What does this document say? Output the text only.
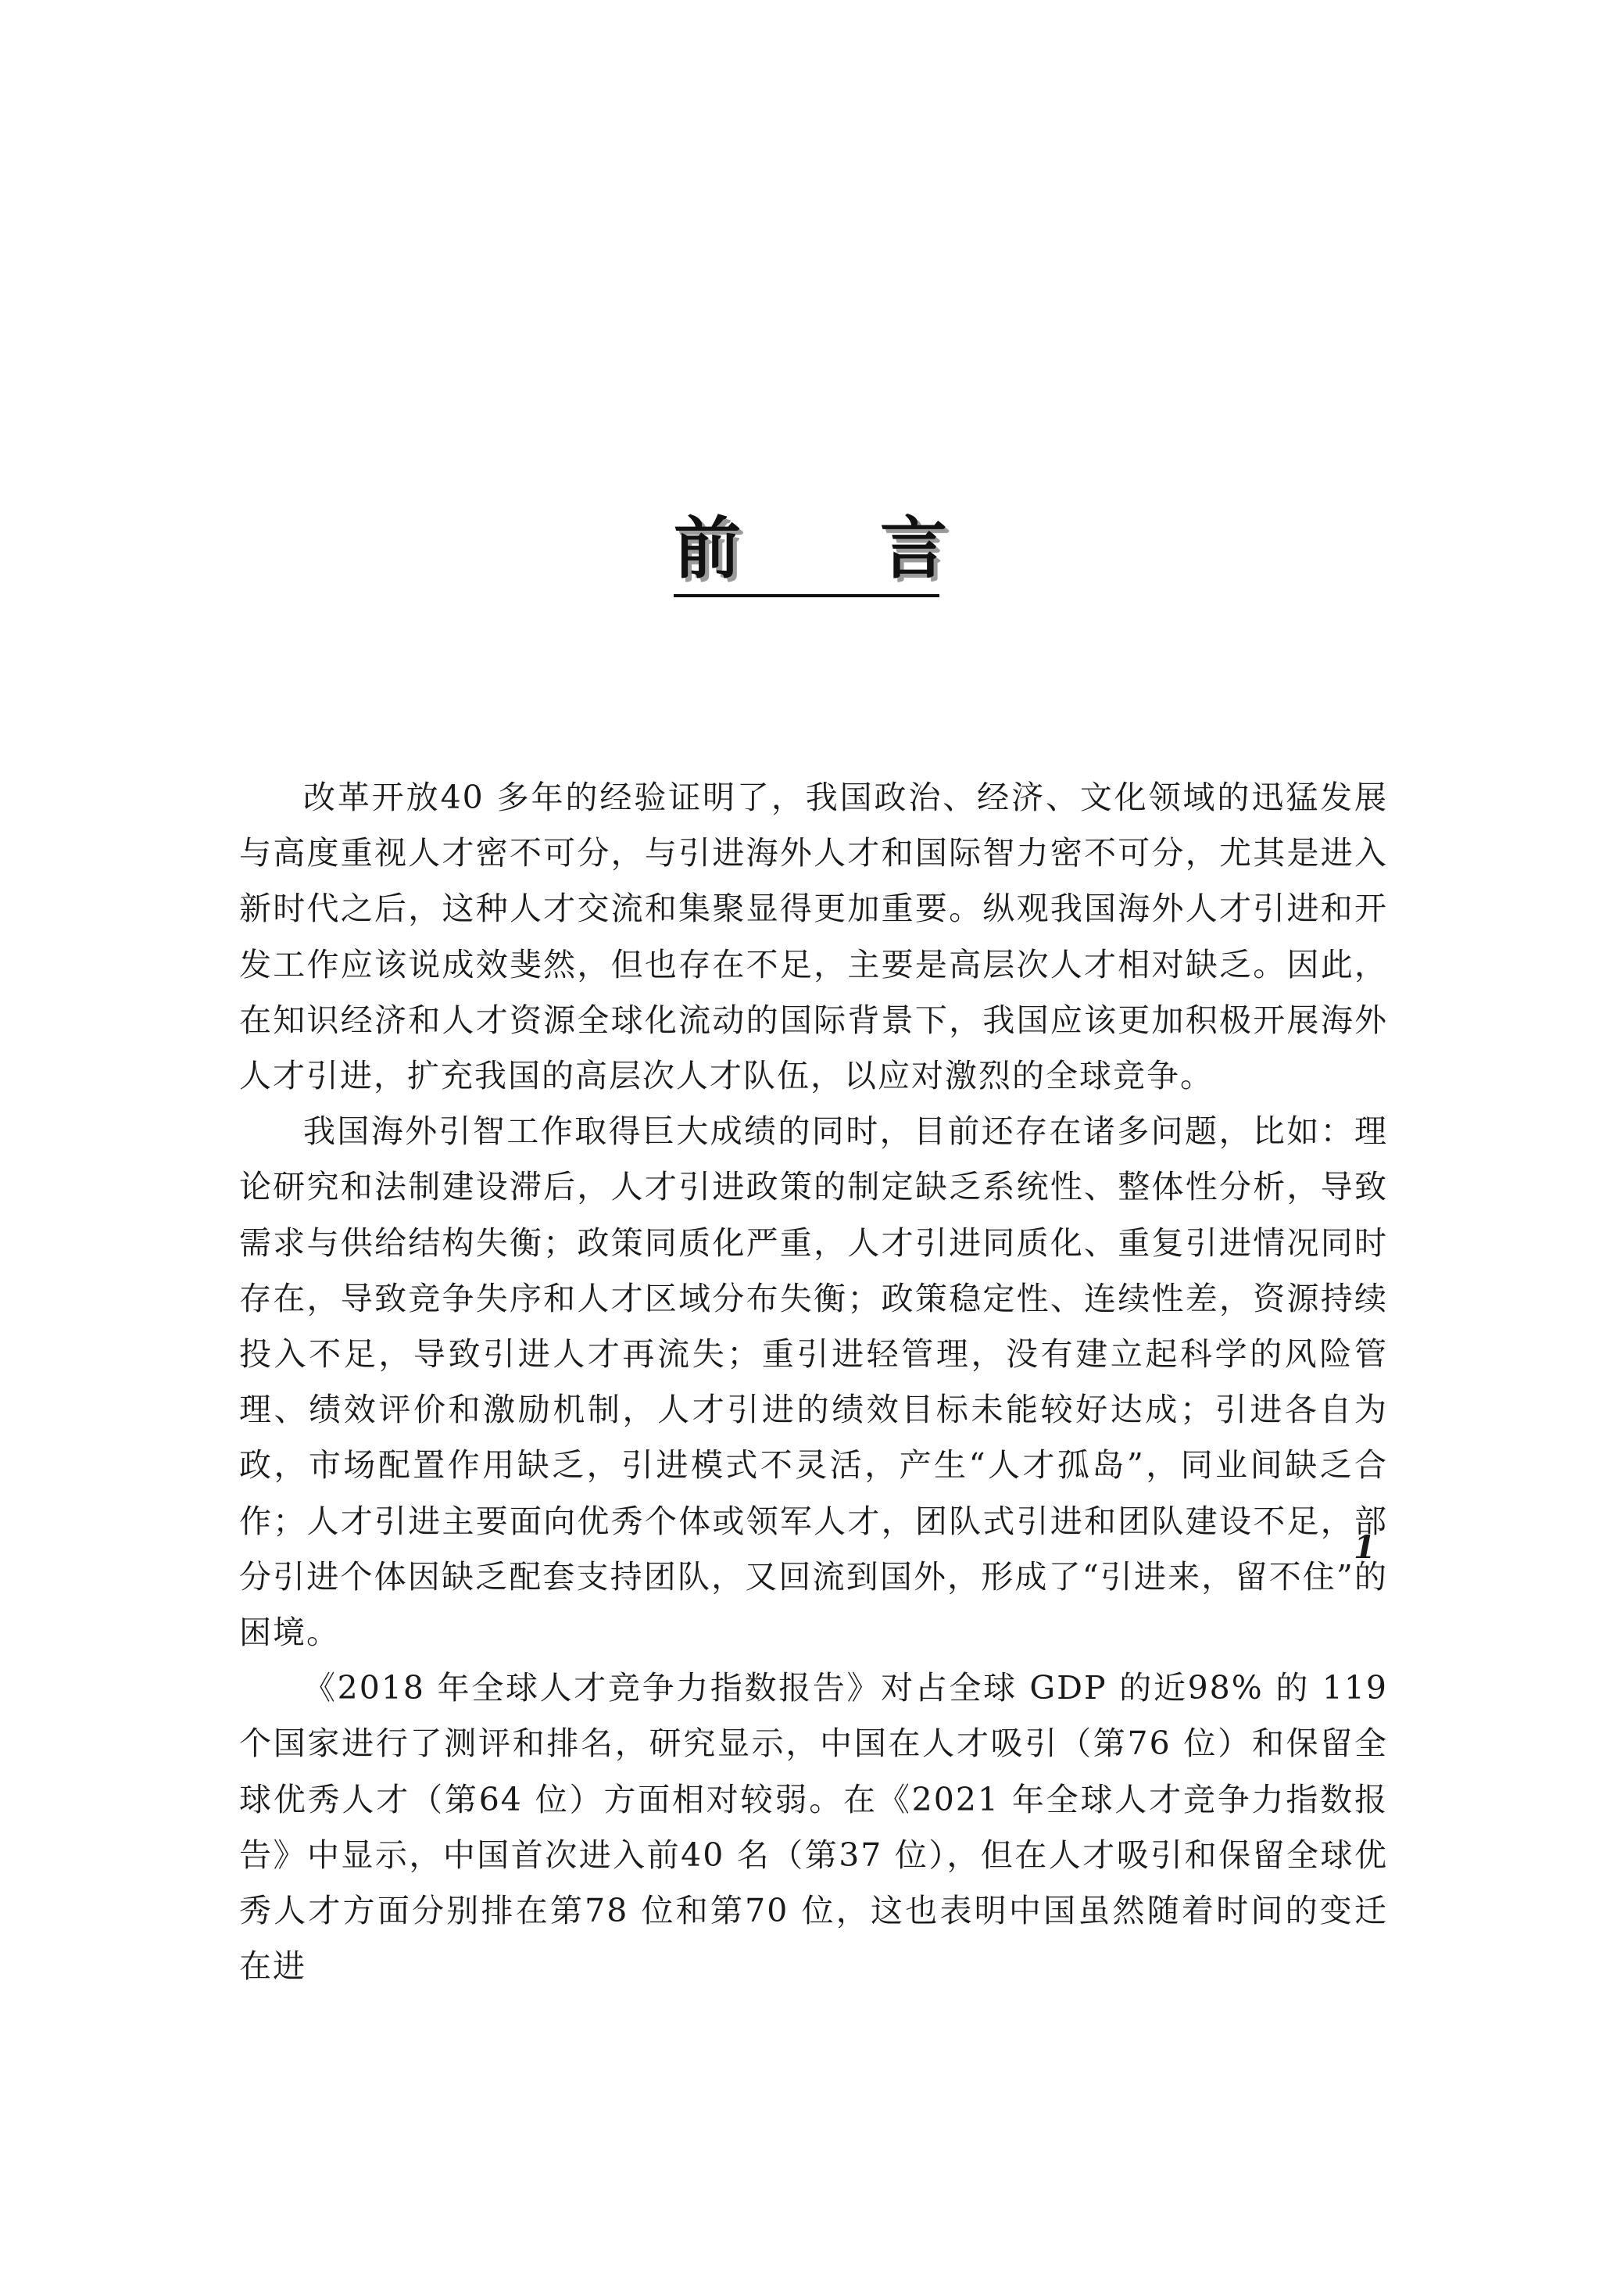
前 言

改革开放40 多年的经验证明了，我国政治、经济、文化领域的迅猛发展与高度重视人才密不可分，与引进海外人才和国际智力密不可分，尤其是进入新时代之后，这种人才交流和集聚显得更加重要。纵观我国海外人才引进和开发工作应该说成效斐然，但也存在不足，主要是高层次人才相对缺乏。因此，在知识经济和人才资源全球化流动的国际背景下，我国应该更加积极开展海外人才引进，扩充我国的高层次人才队伍，以应对激烈的全球竞争。

我国海外引智工作取得巨大成绩的同时，目前还存在诸多问题，比如：理论研究和法制建设滞后，人才引进政策的制定缺乏系统性、整体性分析，导致需求与供给结构失衡；政策同质化严重，人才引进同质化、重复引进情况同时存在，导致竞争失序和人才区域分布失衡；政策稳定性、连续性差，资源持续投入不足，导致引进人才再流失；重引进轻管理，没有建立起科学的风险管理、绩效评价和激励机制，人才引进的绩效目标未能较好达成；引进各自为政，市场配置作用缺乏，引进模式不灵活，产生“人才孤岛”，同业间缺乏合作；人才引进主要面向优秀个体或领军人才，团队式引进和团队建设不足，部分引进个体因缺乏配套支持团队，又回流到国外，形成了“引进来，留不住”的困境。

《2018 年全球人才竞争力指数报告》对占全球 GDP 的近98% 的 119 个国家进行了测评和排名，研究显示，中国在人才吸引（第76 位）和保留全球优秀人才（第64 位）方面相对较弱。在《2021 年全球人才竞争力指数报告》中显示，中国首次进入前40 名（第37 位），但在人才吸引和保留全球优秀人才方面分别排在第78 位和第70 位，这也表明中国虽然随着时间的变迁在进

1
